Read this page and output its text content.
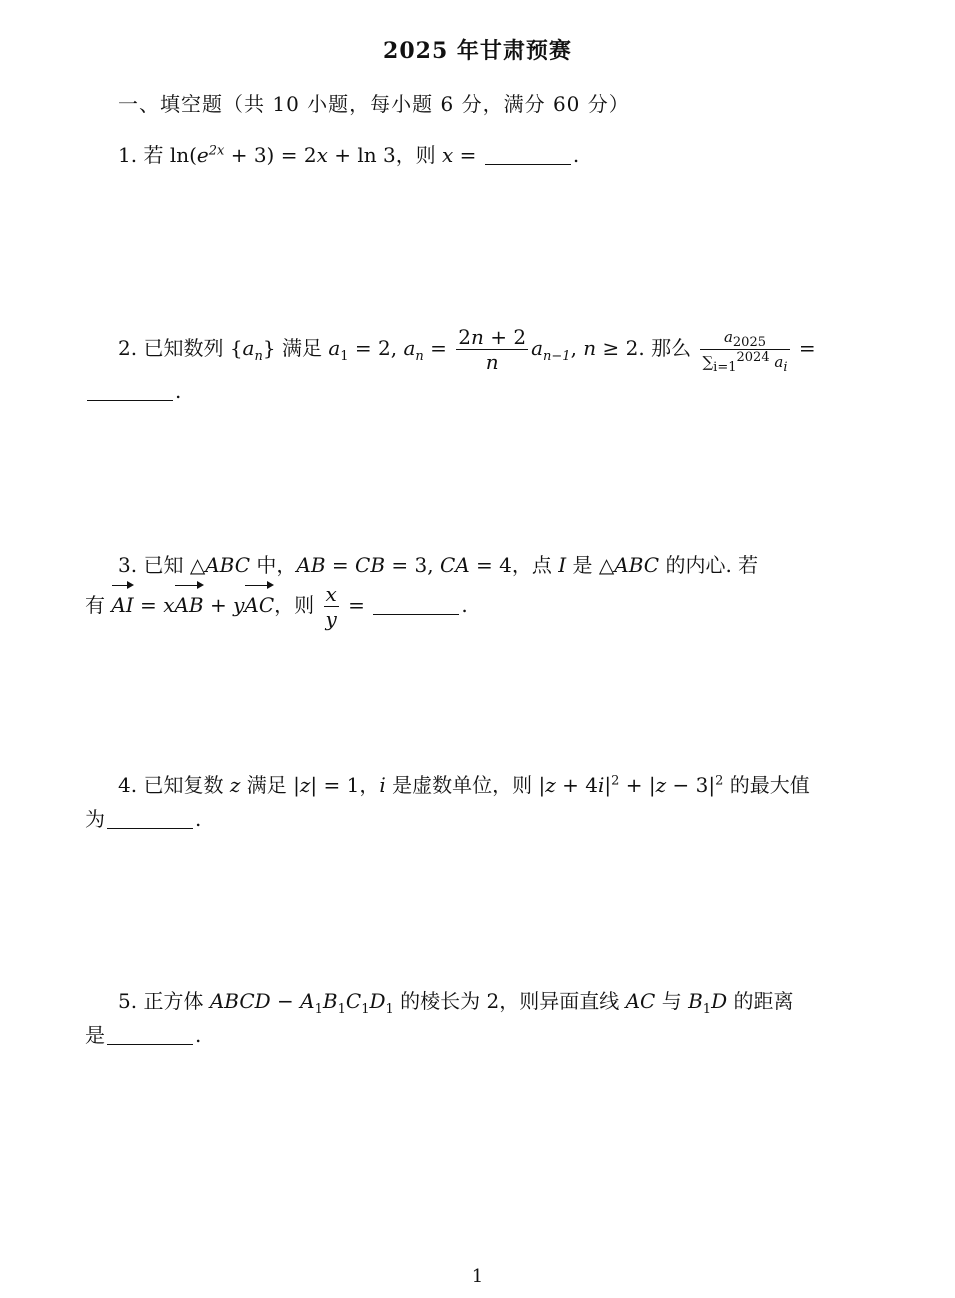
2025 年甘肃预赛
一、填空题（共 10 小题，每小题 6 分，满分 60 分）
1. 若 $\ln(e^{2x} + 3) = 2x + \ln 3$，则 x =	.
2. 已知数列 $\{a_n\}$ 满足 $a_1 = 2$, $a_n = \frac{2n + 2}{n} a_{n-1}$, n ≥ 2. 那么 $\frac{a_{2025}}{\sum_{i=1}^{2024} a_i}$ =
.
3. 已知 △ABC 中，AB = CB = 3, CA = 4，点 I 是 △ABC 的内心. 若
有 AI = xAB + yAC，则 $\frac{x}{y}$ =	.
4. 已知复数 z 满足 |z| = 1，i 是虚数单位，则 $|z + 4i|^2 + |z - 3|^2$ 的最大值
为	.
5. 正方体 ABCD − $A_1B_1C_1D_1$ 的棱长为 2，则异面直线 AC 与 $B_1D$ 的距离
是	.
1
